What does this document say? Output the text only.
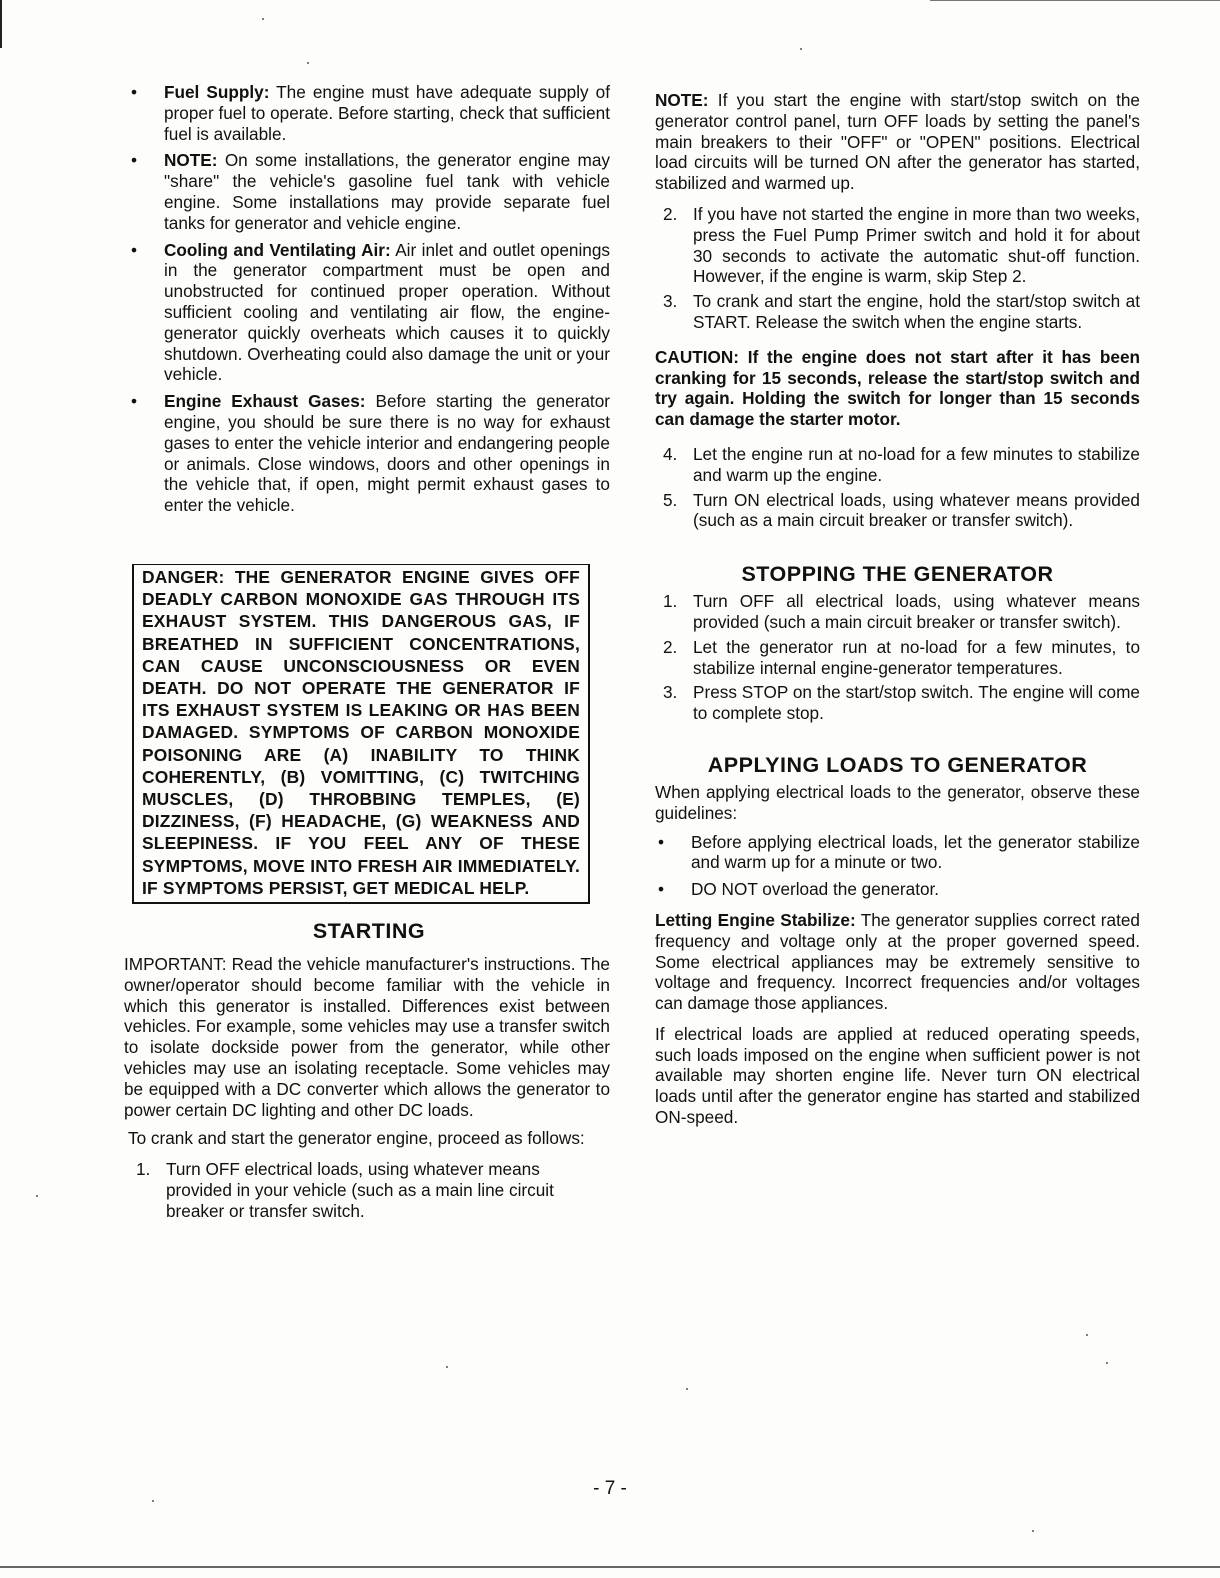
• Fuel Supply: The engine must have adequate supply of proper fuel to operate. Before starting, check that sufficient fuel is available.

• NOTE: On some installations, the generator engine may "share" the vehicle's gasoline fuel tank with vehicle engine. Some installations may provide separate fuel tanks for generator and vehicle engine.

• Cooling and Ventilating Air: Air inlet and outlet openings in the generator compartment must be open and unobstructed for continued proper operation. Without sufficient cooling and ventilating air flow, the engine-generator quickly overheats which causes it to quickly shutdown. Overheating could also damage the unit or your vehicle.

• Engine Exhaust Gases: Before starting the generator engine, you should be sure there is no way for exhaust gases to enter the vehicle interior and endangering people or animals. Close windows, doors and other openings in the vehicle that, if open, might permit exhaust gases to enter the vehicle.

DANGER: THE GENERATOR ENGINE GIVES OFF DEADLY CARBON MONOXIDE GAS THROUGH ITS EXHAUST SYSTEM. THIS DANGEROUS GAS, IF BREATHED IN SUFFICIENT CONCENTRATIONS, CAN CAUSE UNCONSCIOUSNESS OR EVEN DEATH. DO NOT OPERATE THE GENERATOR IF ITS EXHAUST SYSTEM IS LEAKING OR HAS BEEN DAMAGED. SYMPTOMS OF CARBON MONOXIDE POISONING ARE (A) INABILITY TO THINK COHERENTLY, (B) VOMITTING, (C) TWITCHING MUSCLES, (D) THROBBING TEMPLES, (E) DIZZINESS, (F) HEADACHE, (G) WEAKNESS AND SLEEPINESS. IF YOU FEEL ANY OF THESE SYMPTOMS, MOVE INTO FRESH AIR IMMEDIATELY. IF SYMPTOMS PERSIST, GET MEDICAL HELP.

STARTING

IMPORTANT: Read the vehicle manufacturer's instructions. The owner/operator should become familiar with the vehicle in which this generator is installed. Differences exist between vehicles. For example, some vehicles may use a transfer switch to isolate dockside power from the generator, while other vehicles may use an isolating receptacle. Some vehicles may be equipped with a DC converter which allows the generator to power certain DC lighting and other DC loads.

To crank and start the generator engine, proceed as follows:

1. Turn OFF electrical loads, using whatever means provided in your vehicle (such as a main line circuit breaker or transfer switch.

NOTE: If you start the engine with start/stop switch on the generator control panel, turn OFF loads by setting the panel's main breakers to their "OFF" or "OPEN" positions. Electrical load circuits will be turned ON after the generator has started, stabilized and warmed up.

2. If you have not started the engine in more than two weeks, press the Fuel Pump Primer switch and hold it for about 30 seconds to activate the automatic shut-off function. However, if the engine is warm, skip Step 2.

3. To crank and start the engine, hold the start/stop switch at START. Release the switch when the engine starts.

CAUTION: If the engine does not start after it has been cranking for 15 seconds, release the start/stop switch and try again. Holding the switch for longer than 15 seconds can damage the starter motor.

4. Let the engine run at no-load for a few minutes to stabilize and warm up the engine.

5. Turn ON electrical loads, using whatever means provided (such as a main circuit breaker or transfer switch).

STOPPING THE GENERATOR
1. Turn OFF all electrical loads, using whatever means provided (such a main circuit breaker or transfer switch).

2. Let the generator run at no-load for a few minutes, to stabilize internal engine-generator temperatures.

3. Press STOP on the start/stop switch. The engine will come to complete stop.

APPLYING LOADS TO GENERATOR

When applying electrical loads to the generator, observe these guidelines:

• Before applying electrical loads, let the generator stabilize and warm up for a minute or two.

• DO NOT overload the generator.

Letting Engine Stabilize: The generator supplies correct rated frequency and voltage only at the proper governed speed. Some electrical appliances may be extremely sensitive to voltage and frequency. Incorrect frequencies and/or voltages can damage those appliances.

If electrical loads are applied at reduced operating speeds, such loads imposed on the engine when sufficient power is not available may shorten engine life. Never turn ON electrical loads until after the generator engine has started and stabilized ON-speed.

- 7 -
